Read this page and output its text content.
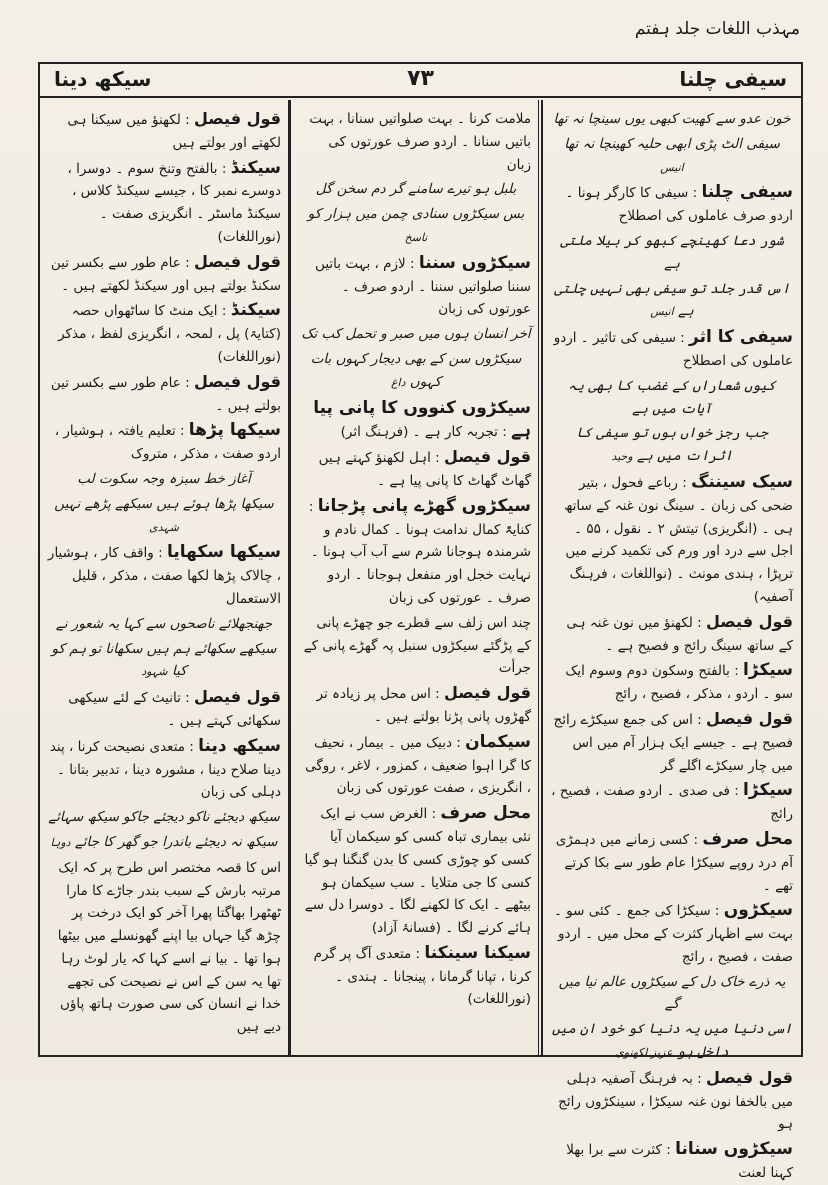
مہذب اللغات جلد ہفتم
سیفی چلنا
۷۳
سیکھ دینا

خون عدو سے کھیت کبھی یوں سینچا نہ تھا

سیفی الٹ پڑی ابھی حلیہ کھینچا نہ تھا انیس

سیفی چلنا : سیفی کا کارگر ہونا ۔ اردو صرف عاملوں کی اصطلاح

شور دعا کھینچے کبھو کر بیلا ملتی ہے

اس قدر جلد تو سیفی بھی نہیں چلتی ہے انیس

سیفی کا اثر : سیفی کی تاثیر ۔ اردو عاملوں کی اصطلاح

کیوں شعاراں کے غضب کا بھی یہ آیات میں ہے

جب رجز خواں ہوں تو سیفی کا اثرات میں ہے وحید

سیک سیننگ : رباعے فحول ، بتیر ضحی کی زبان ۔ سینگ نون غنہ کے ساتھ ہی ۔ (انگریزی) تیتش ۲ ۔ نقول ، ۵۵ ۔ اجل سے درد اور ورم کی تکمید کرنے میں ترپڑا ، ہندی مونث ۔ (نواللغات ، فرہنگ آصفیہ)

قول فیصل : لکھنؤ میں نون غنہ ہی کے ساتھ سینگ رائج و فصیح ہے ۔

سیکڑا : بالفتح وسکون دوم وسوم ایک سو ۔ اردو ، مذکر ، فصیح ، رائج

قول فیصل : اس کی جمع سیکڑے رائج فصیح ہے ۔ جیسے ایک ہزار آم میں اس میں چار سیکڑے اگلے گر

سیکڑا : فی صدی ۔ اردو صفت ، فصیح ، رائج

محل صرف : کسی زمانے میں دہمڑی آم درد روپے سیکڑا عام طور سے بکا کرتے تھے ۔

سیکڑوں : سیکڑا کی جمع ۔ کئی سو ۔ بہت سے اظہار کثرت کے محل میں ۔ اردو صفت ، فصیح ، رائج

یہ ذرے خاک دل کے سیکڑوں عالم نیا میں گے

اسی دنیا میں یہ دنیا کو خود ان میں داخل ہو عزیز لکھنوی

قول فیصل : بہ فرہنگ آصفیہ دہلی میں بالخفا نون غنہ سیکڑا ، سینکڑوں رائج ہو

سیکڑوں سنانا : کثرت سے برا بھلا کہنا لعنت

ملامت کرنا ۔ بہت صلواتیں سنانا ، بہت باتیں سنانا ۔ اردو صرف عورتوں کی زبان

بلبل ہو تیرے سامنے گر دم سخن گل

بس سیکڑوں سنادی چمن میں ہزار کو ناسخ

سیکڑوں سننا : لازم ، بہت باتیں سننا صلواتیں سننا ۔ اردو صرف ۔ عورتوں کی زبان

آخر انسان ہوں میں صبر و تحمل کب تک

سیکڑوں سن کے بھی دیجار کہوں بات کہوں داغ

سیکڑوں کنووں کا پانی پیا ہے : تجربہ کار ہے ۔ (فرہنگ اثر)

قول فیصل : اہل لکھنؤ کہتے ہیں گھاٹ گھاٹ کا پانی پیا ہے ۔

سیکڑوں گھڑے پانی پڑجانا : کنایۃً کمال ندامت ہونا ۔ کمال نادم و شرمندہ ہوجانا شرم سے آب آب ہونا ۔ نہایت خجل اور منفعل ہوجانا ۔ اردو صرف ۔ عورتوں کی زبان

چند اس زلف سے قطرے جو چھڑے پانی کے پڑگئے سیکڑوں سنبل پہ گھڑے پانی کے جرأت

قول فیصل : اس محل پر زیادہ تر گھڑوں پانی پڑنا بولتے ہیں ۔

سیکمان : دبیک میں ۔ بیمار ، نحیف کا گرا اہوا ضعیف ، کمزور ، لاغر ، روگی ، انگریزی ، صفت عورتوں کی زبان

محل صرف : الغرض سب نے ایک نئی بیماری تباہ کسی کو سیکمان آیا کسی کو چوڑی کسی کا بدن گنگنا ہو گیا کسی کا جی متلایا ۔ سب سیکمان ہو بیٹھے ۔ ایک کا لکھنے لگا ۔ دوسرا دل سے ہائے کرنے لگا ۔ (فسانۂ آزاد)

سیکنا سینکنا : متعدی آگ پر گرم کرنا ، تپانا گرمانا ، پینجانا ۔ ہندی ۔ (نوراللغات)

قول فیصل : لکھنؤ میں سیکنا ہی لکھتے اور بولتے ہیں

سیکنڈ : بالفتح وتنخ سوم ۔ دوسرا ، دوسرے نمبر کا ، جیسے سیکنڈ کلاس ، سیکنڈ ماسٹر ۔ انگریزی صفت ۔ (نوراللغات)

قول فیصل : عام طور سے بکسر تین سکنڈ بولتے ہیں اور سیکنڈ لکھتے ہیں ۔

سیکنڈ : ایک منٹ کا ساٹھواں حصہ (کتایۃ) پل ، لمحہ ، انگریزی لفظ ، مذکر (نوراللغات)

قول فیصل : عام طور سے بکسر تین بولتے ہیں ۔

سیکھا پڑھا : تعلیم یافتہ ، ہوشیار ، اردو صفت ، مذکر ، متروک

آغاز خط سبزہ وجہ سکوت لب

سیکھا پڑھا ہوئے ہیں سیکھے پڑھے نہیں شہدی

سیکھا سکھایا : واقف کار ، ہوشیار ، چالاک پڑھا لکھا صفت ، مذکر ، قلیل الاستعمال

جھنجھلائے ناصحوں سے کہا یہ شعور نے

سیکھے سکھائے ہم ہیں سکھانا تو ہم کو کیا شہود

قول فیصل : تانیث کے لئے سیکھی سکھائی کہتے ہیں ۔

سیکھ دینا : متعدی نصیحت کرنا ، پند دینا صلاح دینا ، مشورہ دینا ، تدبیر بتانا ۔ دہلی کی زبان

سیکھ دیجئے ناکو دیجئے جاکو سیکھ سہائے

سیکھ نہ دیجئے باندرا جو گھر کا جائے دوہا

اس کا قصہ مختصر اس طرح پر کہ ایک مرتبہ بارش کے سبب بندر جاڑے کا مارا ٹھٹھرا بھاگتا پھرا آخر کو ایک درخت پر چڑھ گیا جہاں بیا اپنے گھونسلے میں بیٹھا ہوا تھا ۔ بیا نے اسے کہا کہ یار لوٹ رہا تھا یہ سن کے اس نے نصیحت کی تجھے خدا نے انسان کی سی صورت ہاتھ پاؤں دیے ہیں
